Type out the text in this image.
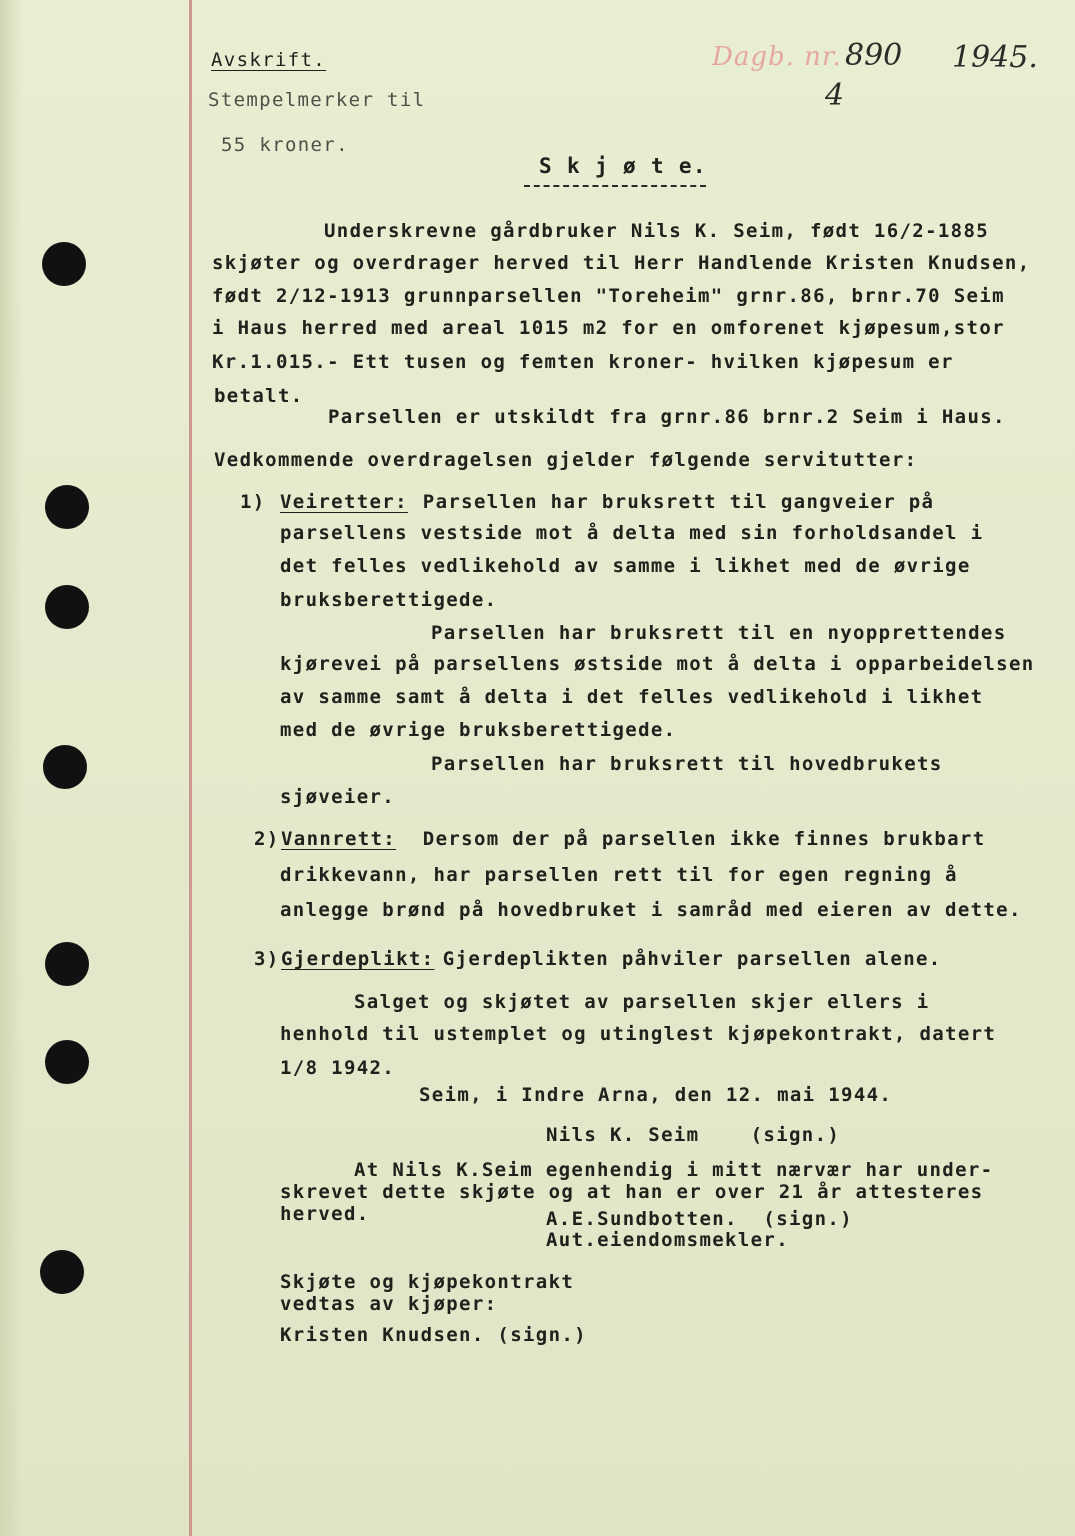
Avskrift.
Stempelmerker til
55 kroner.
Dagb. nr. 890 1945.
4
S k j ø t e.
Underskrevne gårdbruker Nils K. Seim, født 16/2-1885
skjøter og overdrager herved til Herr Handlende Kristen Knudsen,
født 2/12-1913 grunnparsellen "Toreheim" grnr.86, brnr.70 Seim
i Haus herred med areal 1015 m2 for en omforenet kjøpesum,stor
Kr.1.015.- Ett tusen og femten kroner- hvilken kjøpesum er
betalt.
Parsellen er utskildt fra grnr.86 brnr.2 Seim i Haus.
Vedkommende overdragelsen gjelder følgende servitutter:
1) Veiretter: Parsellen har bruksrett til gangveier på
parsellens vestside mot å delta med sin forholdsandel i
det felles vedlikehold av samme i likhet med de øvrige
bruksberettigede.
Parsellen har bruksrett til en nyopprettendes
kjørevei på parsellens østside mot å delta i opparbeidelsen
av samme samt å delta i det felles vedlikehold i likhet
med de øvrige bruksberettigede.
Parsellen har bruksrett til hovedbrukets
sjøveier.
2) Vannrett: Dersom der på parsellen ikke finnes brukbart
drikkevann, har parsellen rett til for egen regning å
anlegge brønd på hovedbruket i samråd med eieren av dette.
3) Gjerdeplikt:
Gjerdeplikten påhviler parsellen alene.
Salget og skjøtet av parsellen skjer ellers i
henhold til ustemplet og utinglest kjøpekontrakt, datert
1/8 1942.
Seim, i Indre Arna, den 12. mai 1944.
Nils K. Seim    (sign.)
At Nils K.Seim egenhendig i mitt nærvær har under-
skrevet dette skjøte og at han er over 21 år attesteres
herved.	A.E.Sundbotten.  (sign.)
Aut.eiendomsmekler.
Skjøte og kjøpekontrakt
vedtas av kjøper:
Kristen Knudsen. (sign.)
